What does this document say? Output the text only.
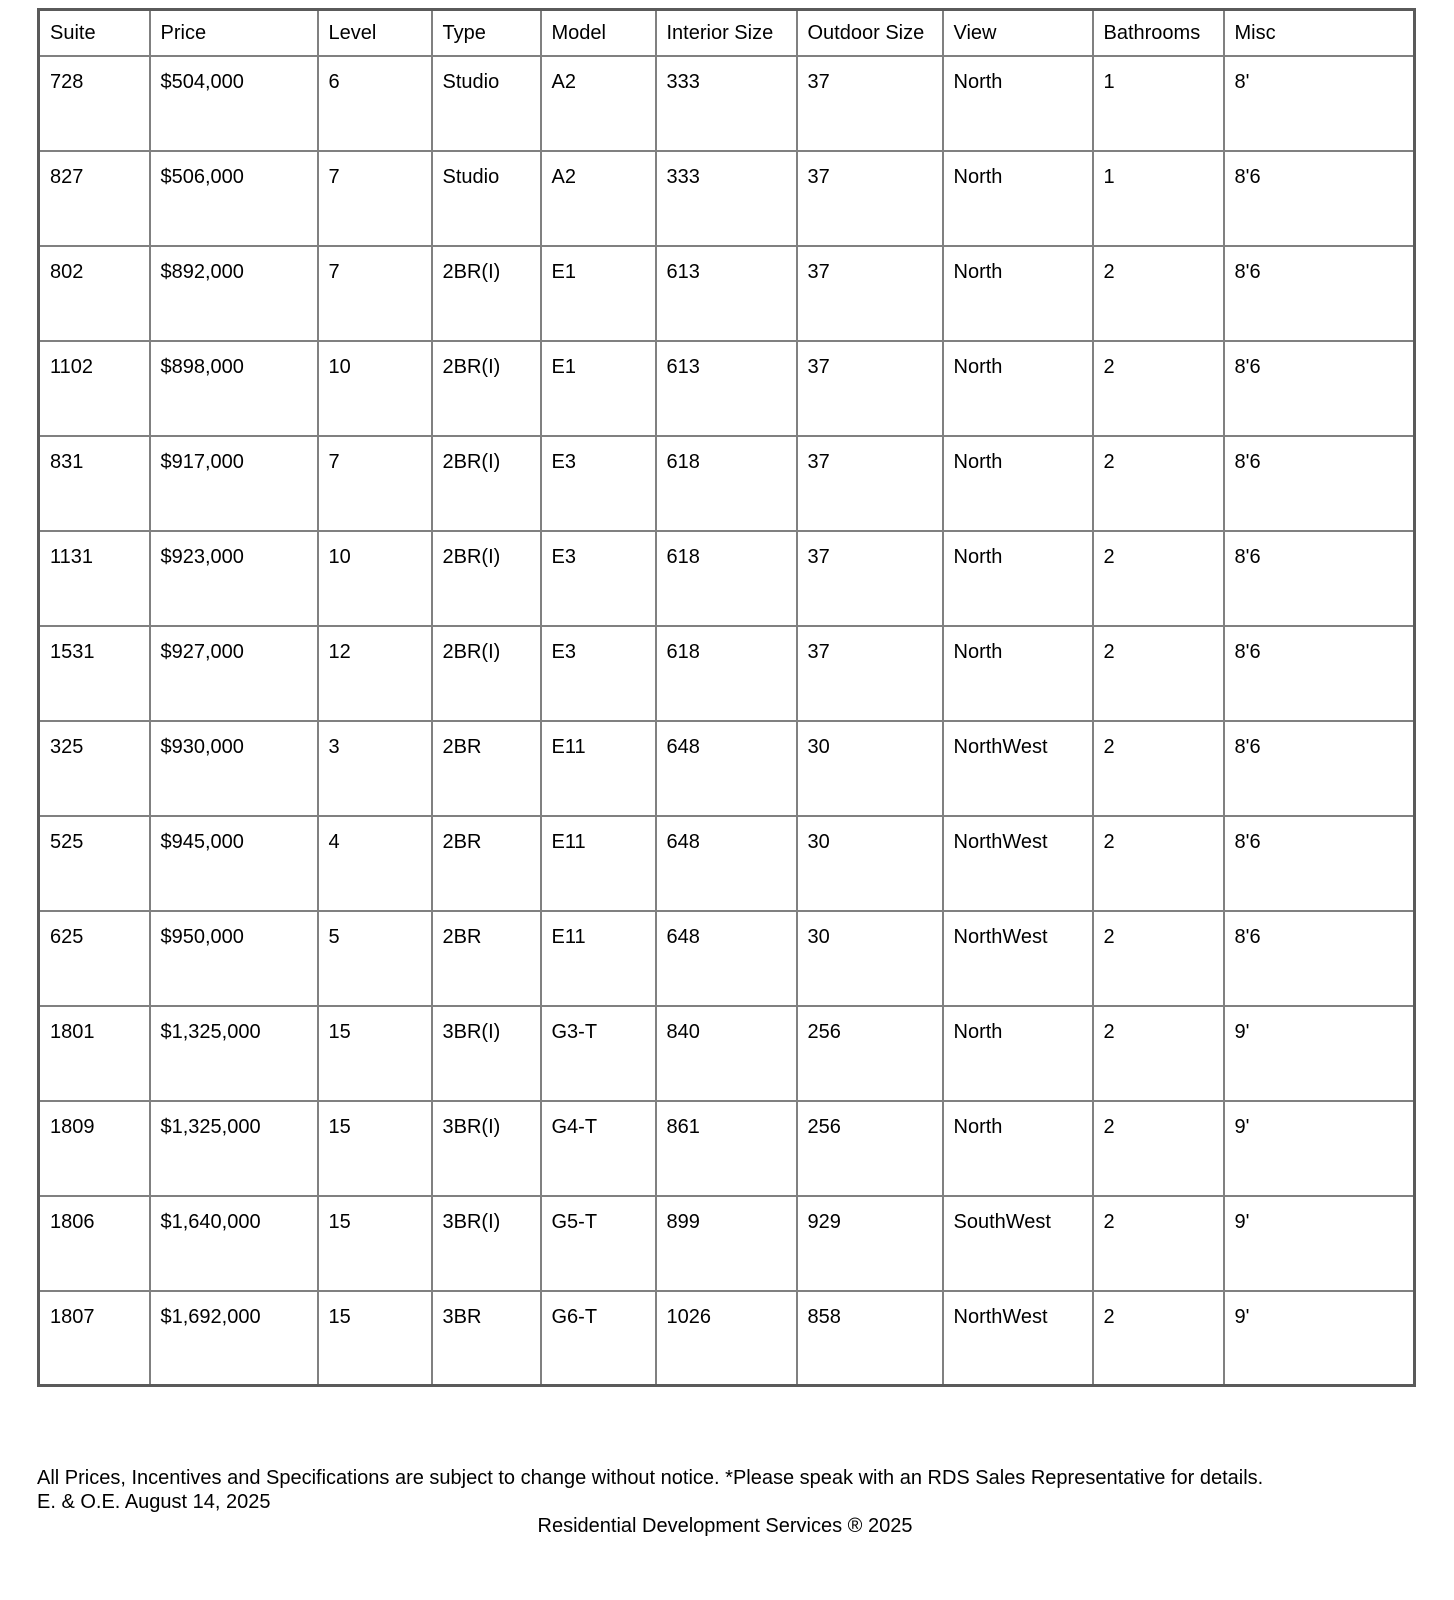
Suite	Price	Level	Type	Model	Interior Size	Outdoor Size	View	Bathrooms	Misc
728	$504,000	6	Studio	A2	333	37	North	1	8'
827	$506,000	7	Studio	A2	333	37	North	1	8'6
802	$892,000	7	2BR(I)	E1	613	37	North	2	8'6
1102	$898,000	10	2BR(I)	E1	613	37	North	2	8'6
831	$917,000	7	2BR(I)	E3	618	37	North	2	8'6
1131	$923,000	10	2BR(I)	E3	618	37	North	2	8'6
1531	$927,000	12	2BR(I)	E3	618	37	North	2	8'6
325	$930,000	3	2BR	E11	648	30	NorthWest	2	8'6
525	$945,000	4	2BR	E11	648	30	NorthWest	2	8'6
625	$950,000	5	2BR	E11	648	30	NorthWest	2	8'6
1801	$1,325,000	15	3BR(I)	G3-T	840	256	North	2	9'
1809	$1,325,000	15	3BR(I)	G4-T	861	256	North	2	9'
1806	$1,640,000	15	3BR(I)	G5-T	899	929	SouthWest	2	9'
1807	$1,692,000	15	3BR	G6-T	1026	858	NorthWest	2	9'
All Prices, Incentives and Specifications are subject to change without notice. *Please speak with an RDS Sales Representative for details.
E. & O.E. August 14, 2025
Residential Development Services ® 2025
